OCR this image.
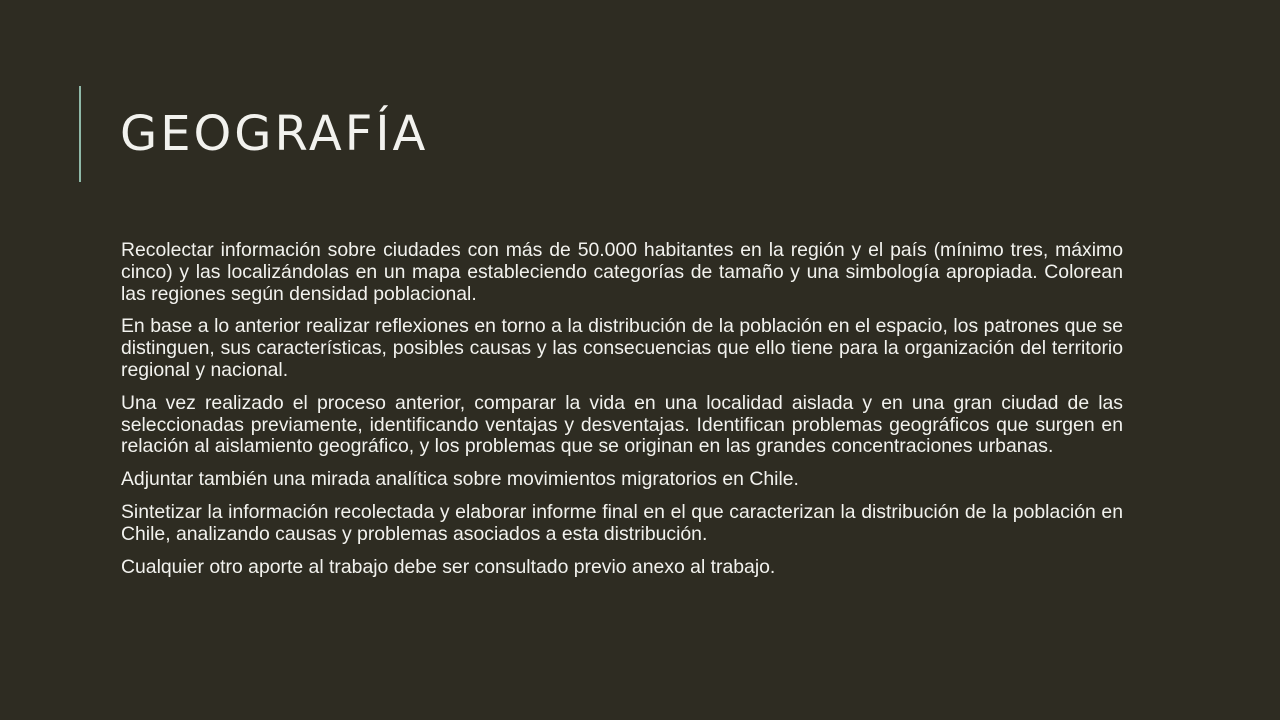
GEOGRAFÍA

Recolectar información sobre ciudades con más de 50.000 habitantes en la región y el país (mínimo tres, máximo cinco) y las localizándolas en un mapa estableciendo categorías de tamaño y una simbología apropiada. Colorean las regiones según densidad poblacional.

En base a lo anterior realizar reflexiones en torno a la distribución de la población en el espacio, los patrones que se distinguen, sus características, posibles causas y las consecuencias que ello tiene para la organización del territorio regional y nacional.

Una vez realizado el proceso anterior, comparar la vida en una localidad aislada y en una gran ciudad de las seleccionadas previamente, identificando ventajas y desventajas. Identifican problemas geográficos que surgen en relación al aislamiento geográfico, y los problemas que se originan en las grandes concentraciones urbanas.

Adjuntar también una mirada analítica sobre movimientos migratorios en Chile.

Sintetizar la información recolectada y elaborar informe final en el que caracterizan la distribución de la población en Chile, analizando causas y problemas asociados a esta distribución.

Cualquier otro aporte al trabajo debe ser consultado previo anexo al trabajo.
